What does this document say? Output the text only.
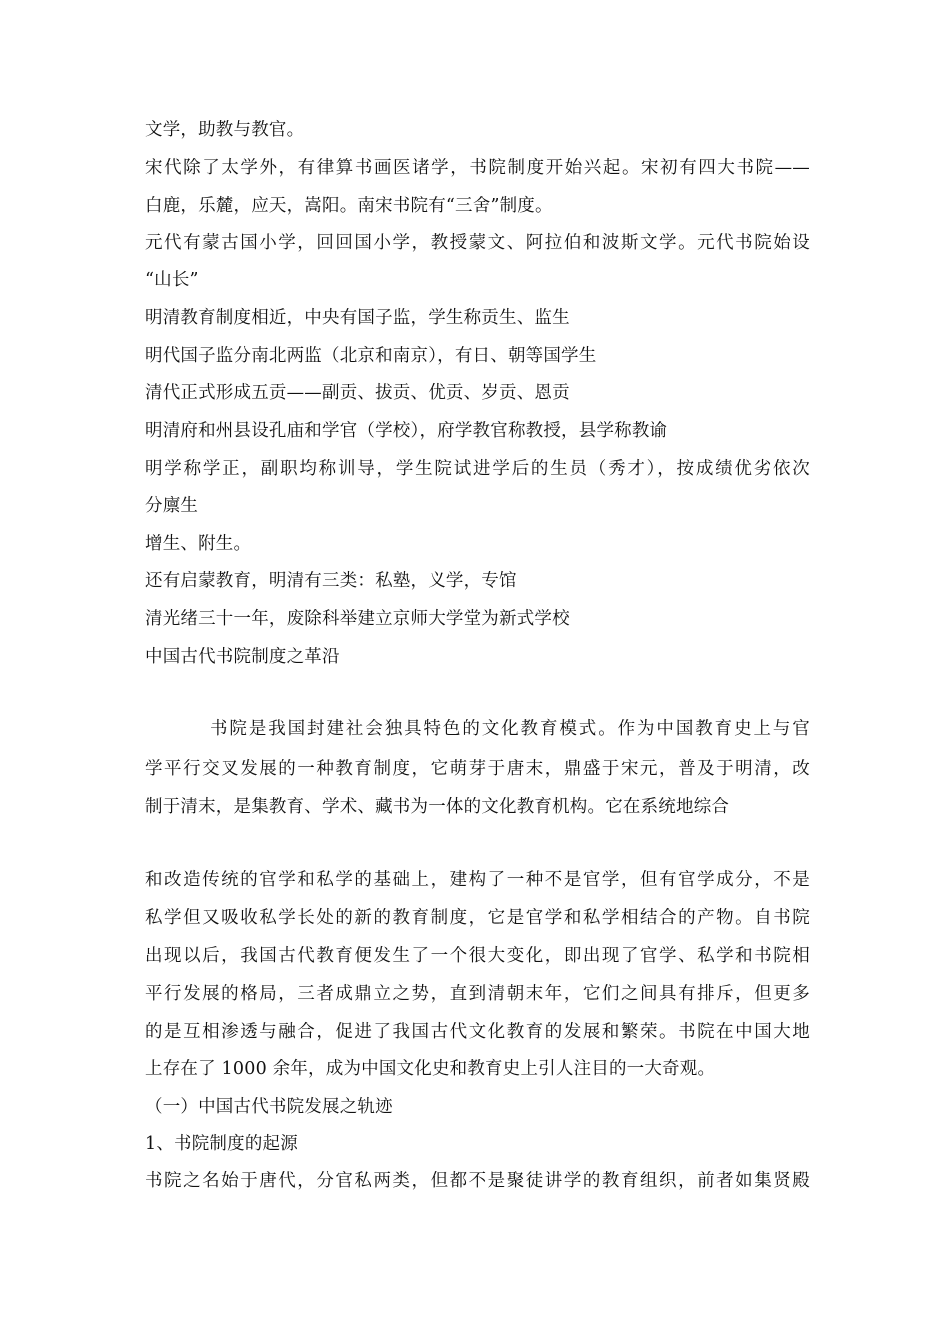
文学，助教与教官。
宋代除了太学外，有律算书画医诸学，书院制度开始兴起。宋初有四大书院——
白鹿，乐麓，应天，嵩阳。南宋书院有“三舍”制度。
元代有蒙古国小学，回回国小学，教授蒙文、阿拉伯和波斯文学。元代书院始设
“山长”
明清教育制度相近，中央有国子监，学生称贡生、监生
明代国子监分南北两监（北京和南京），有日、朝等国学生
清代正式形成五贡——副贡、拔贡、优贡、岁贡、恩贡
明清府和州县设孔庙和学官（学校），府学教官称教授，县学称教谕
明学称学正，副职均称训导，学生院试进学后的生员（秀才），按成绩优劣依次
分廪生
增生、附生。
还有启蒙教育，明清有三类：私塾，义学，专馆
清光绪三十一年，废除科举建立京师大学堂为新式学校
中国古代书院制度之革沿
书院是我国封建社会独具特色的文化教育模式。作为中国教育史上与官
学平行交叉发展的一种教育制度，它萌芽于唐末，鼎盛于宋元，普及于明清，改
制于清末，是集教育、学术、藏书为一体的文化教育机构。它在系统地综合
和改造传统的官学和私学的基础上，建构了一种不是官学，但有官学成分，不是
私学但又吸收私学长处的新的教育制度，它是官学和私学相结合的产物。自书院
出现以后，我国古代教育便发生了一个很大变化，即出现了官学、私学和书院相
平行发展的格局，三者成鼎立之势，直到清朝末年，它们之间具有排斥，但更多
的是互相渗透与融合，促进了我国古代文化教育的发展和繁荣。书院在中国大地
上存在了 1000 余年，成为中国文化史和教育史上引人注目的一大奇观。
（一）中国古代书院发展之轨迹
1、书院制度的起源
书院之名始于唐代，分官私两类，但都不是聚徒讲学的教育组织，前者如集贤殿
